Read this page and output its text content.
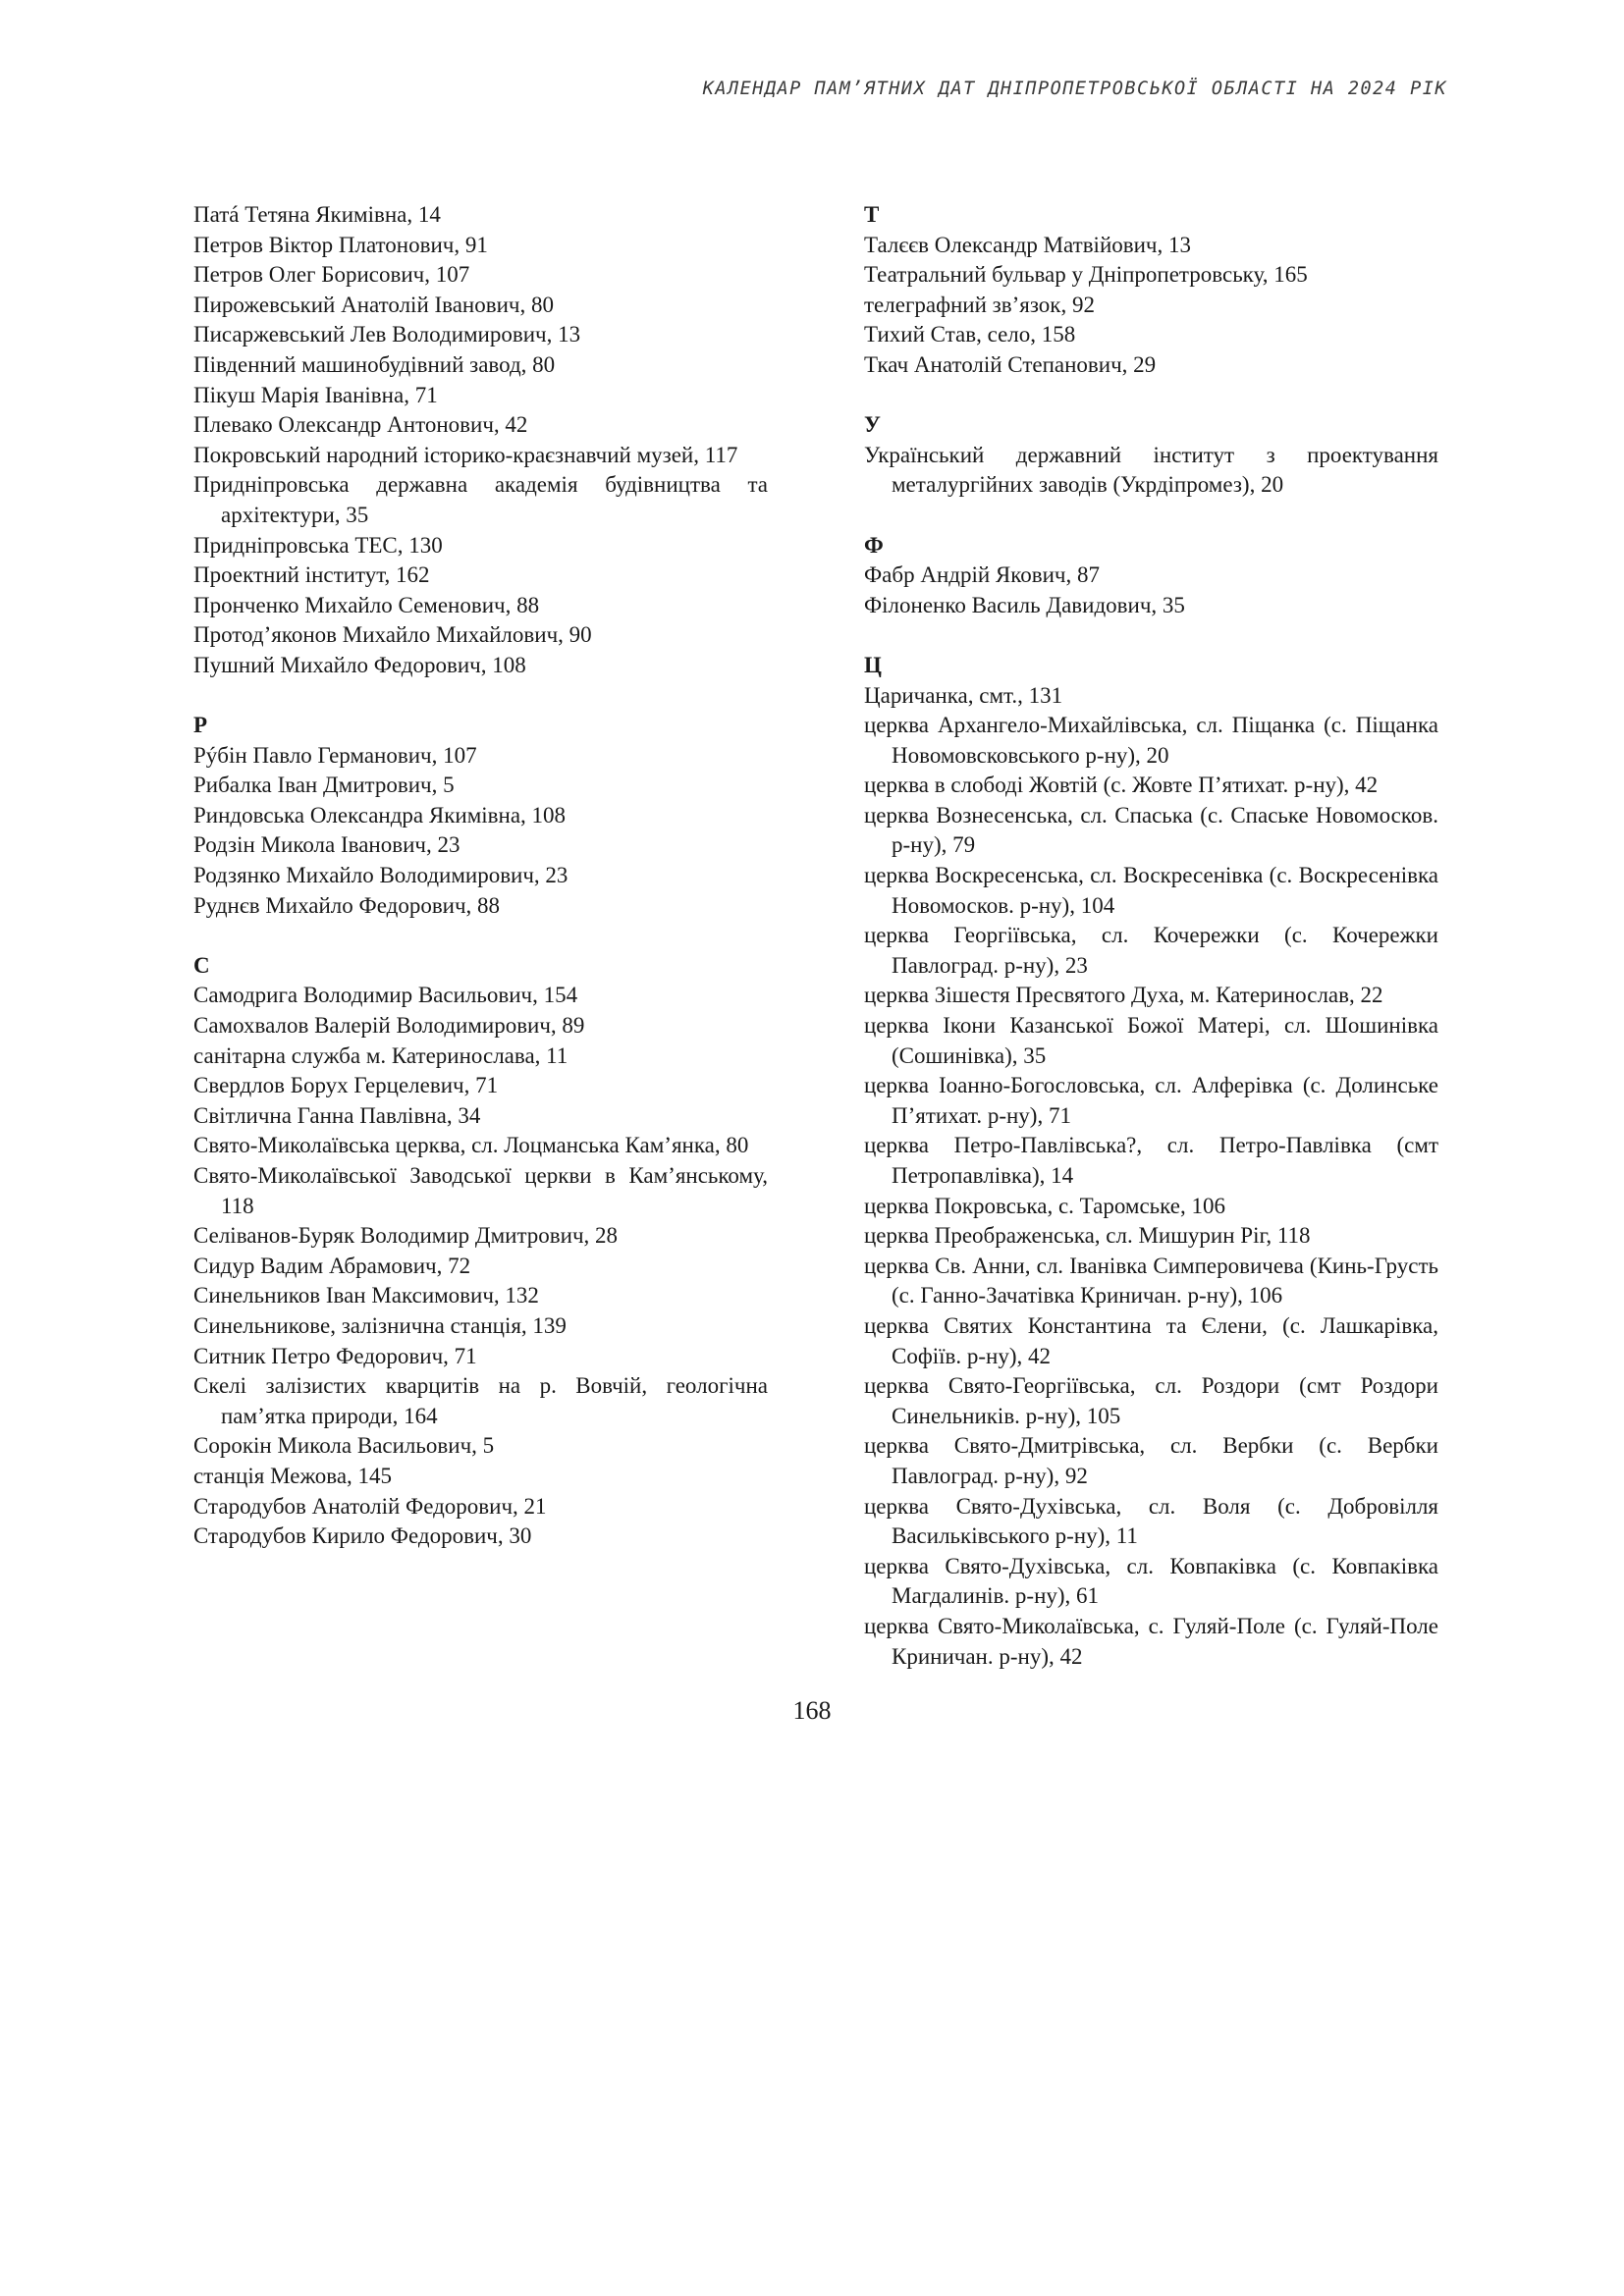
КАЛЕНДАР ПАМ’ЯТНИХ ДАТ ДНІПРОПЕТРОВСЬКОЇ ОБЛАСТІ НА 2024 РІК

Патá Тетяна Якимівна, 14

Петров Віктор Платонович, 91

Петров Олег Борисович, 107

Пирожевський Анатолій Іванович, 80

Писаржевський Лев Володимирович, 13

Південний машинобудівний завод, 80

Пікуш Марія Іванівна, 71

Плевако Олександр Антонович, 42

Покровський народний історико-краєзнавчий музей, 117

Придніпровська державна академія будівництва та архітектури, 35

Придніпровська ТЕС, 130

Проектний інститут, 162

Пронченко Михайло Семенович, 88

Протод’яконов Михайло Михайлович, 90

Пушний Михайло Федорович, 108

Р

Рýбін Павло Германович, 107

Рибалка Іван Дмитрович, 5

Риндовська Олександра Якимівна, 108

Родзін Микола Іванович, 23

Родзянко Михайло Володимирович, 23

Руднєв Михайло Федорович, 88

С

Самодрига Володимир Васильович, 154

Самохвалов Валерій Володимирович, 89

санітарна служба м. Катеринослава, 11

Свердлов Борух Герцелевич, 71

Світлична Ганна Павлівна, 34

Свято-Миколаївська церква, сл. Лоцманська Кам’янка, 80

Свято-Миколаївської Заводської церкви в Кам’янському, 118

Селіванов-Буряк Володимир Дмитрович, 28

Сидур Вадим Абрамович, 72

Синельников Іван Максимович, 132

Синельникове, залізнична станція, 139

Ситник Петро Федорович, 71

Скелі залізистих кварцитів на р. Вовчій, геологічна пам’ятка природи, 164

Сорокін Микола Васильович, 5

станція Межова, 145

Стародубов Анатолій Федорович, 21

Стародубов Кирило Федорович, 30

Т

Талєєв Олександр Матвійович, 13

Театральний бульвар у Дніпропетровську, 165

телеграфний зв’язок, 92

Тихий Став, село, 158

Ткач Анатолій Степанович, 29

У

Український державний інститут з проектування металургійних заводів (Укрдіпромез), 20

Ф

Фабр Андрій Якович, 87

Філоненко Василь Давидович, 35

Ц

Царичанка, смт., 131

церква Архангело-Михайлівська, сл. Піщанка (с. Піщанка Новомовсковського р-ну), 20

церква в слободі Жовтій (с. Жовте П’ятихат. р-ну), 42

церква Вознесенська, сл. Спаська (с. Спаське Новомосков. р-ну), 79

церква Воскресенська, сл. Воскресенівка (с. Воскресенівка Новомосков. р-ну), 104

церква Георгіївська, сл. Кочережки (с. Кочережки Павлоград. р-ну), 23

церква Зішестя Пресвятого Духа, м. Катеринослав, 22

церква Ікони Казанської Божої Матері, сл. Шошинівка (Сошинівка), 35

церква Іоанно-Богословська, сл. Алферівка (с. Долинське П’ятихат. р-ну), 71

церква Петро-Павлівська?, сл. Петро-Павлівка (смт Петропавлівка), 14

церква Покровська, с. Таромське, 106

церква Преображенська, сл. Мишурин Ріг, 118

церква Св. Анни, сл. Іванівка Симперовичева (Кинь-Грусть (с. Ганно-Зачатівка Криничан. р-ну), 106

церква Святих Константина та Єлени, (с. Лашкарівка, Софіїв. р-ну), 42

церква Свято-Георгіївська, сл. Роздори (смт Роздори Синельників. р-ну), 105

церква Свято-Дмитрівська, сл. Вербки (с. Вербки Павлоград. р-ну), 92

церква Свято-Духівська, сл. Воля (с. Добровілля Васильківського р-ну), 11

церква Свято-Духівська, сл. Ковпаківка (с. Ковпаківка Магдалинів. р-ну), 61

церква Свято-Миколаївська, с. Гуляй-Поле (с. Гуляй-Поле Криничан. р-ну), 42

168
